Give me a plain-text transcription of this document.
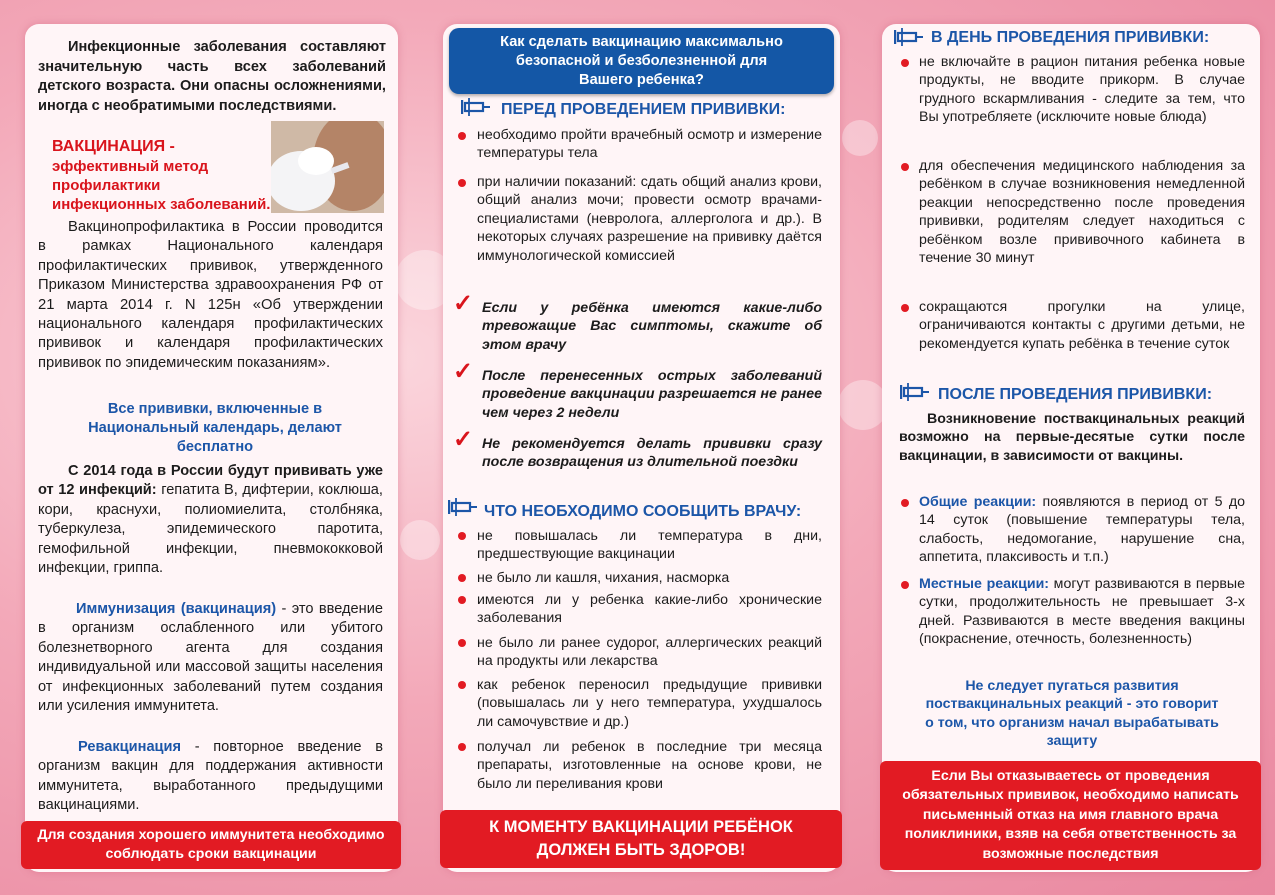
Инфекционные заболевания составляют значительную часть всех заболеваний детского возраста. Они опасны осложнениями, иногда с необратимыми последствиями.
ВАКЦИНАЦИЯ -
эффективный метод профилактики инфекционных заболеваний.
Вакцинопрофилактика в России проводится в рамках Национального календаря профилактических прививок, утвержденного Приказом Министерства здравоохранения РФ от 21 марта 2014 г. N 125н «Об утверждении национального календаря профилактических прививок и календаря профилактических прививок по эпидемическим показаниям».
Все прививки, включенные в Национальный календарь, делают бесплатно
С 2014 года в России будут прививать уже от 12 инфекций: гепатита В, дифтерии, коклюша, кори, краснухи, полиомиелита, столбняка, туберкулеза, эпидемического паротита, гемофильной инфекции, пневмококковой инфекции, гриппа.
Иммунизация (вакцинация) - это введение в организм ослабленного или убитого болезнетворного агента для создания индивидуальной или массовой защиты населения от инфекционных заболеваний путем создания или усиления иммунитета.
Ревакцинация - повторное введение в организм вакцин для поддержания активности иммунитета, выработанного предыдущими вакцинациями.
Для создания хорошего иммунитета необходимо соблюдать сроки вакцинации
Как сделать вакцинацию максимально безопасной и безболезненной для Вашего ребенка?
ПЕРЕД ПРОВЕДЕНИЕМ ПРИВИВКИ:
необходимо пройти врачебный осмотр и измерение температуры тела
при наличии показаний: сдать общий анализ крови, общий анализ мочи; провести осмотр врачами-специалистами (невролога, аллерголога и др.). В некоторых случаях разрешение на прививку даётся иммунологической комиссией
✓ Если у ребёнка имеются какие-либо тревожащие Вас симптомы, скажите об этом врачу
✓ После перенесенных острых заболеваний проведение вакцинации разрешается не ранее чем через 2 недели
✓ Не рекомендуется делать прививки сразу после возвращения из длительной поездки
ЧТО НЕОБХОДИМО СООБЩИТЬ ВРАЧУ:
не повышалась ли температура в дни, предшествующие вакцинации
не было ли кашля, чихания, насморка
имеются ли у ребенка какие-либо хронические заболевания
не было ли ранее судорог, аллергических реакций на продукты или лекарства
как ребенок переносил предыдущие прививки (повышалась ли у него температура, ухудшалось ли самочувствие и др.)
получал ли ребенок в последние три месяца препараты, изготовленные на основе крови, не было ли переливания крови
К МОМЕНТУ ВАКЦИНАЦИИ РЕБЁНОК ДОЛЖЕН БЫТЬ ЗДОРОВ!
В ДЕНЬ ПРОВЕДЕНИЯ ПРИВИВКИ:
не включайте в рацион питания ребенка новые продукты, не вводите прикорм. В случае грудного вскармливания - следите за тем, что Вы употребляете (исключите новые блюда)
для обеспечения медицинского наблюдения за ребёнком в случае возникновения немедленной реакции непосредственно после проведения прививки, родителям следует находиться с ребёнком возле прививочного кабинета в течение 30 минут
сокращаются прогулки на улице, ограничиваются контакты с другими детьми, не рекомендуется купать ребёнка в течение суток
ПОСЛЕ ПРОВЕДЕНИЯ ПРИВИВКИ:
Возникновение поствакцинальных реакций возможно на первые-десятые сутки после вакцинации, в зависимости от вакцины.
Общие реакции: появляются в период от 5 до 14 суток (повышение температуры тела, слабость, недомогание, нарушение сна, аппетита, плаксивость и т.п.)
Местные реакции: могут развиваются в первые сутки, продолжительность не превышает 3-х дней. Развиваются в месте введения вакцины (покраснение, отечность, болезненность)
Не следует пугаться развития поствакцинальных реакций - это говорит о том, что организм начал вырабатывать защиту
Если Вы отказываетесь от проведения обязательных прививок, необходимо написать письменный отказ на имя главного врача поликлиники, взяв на себя ответственность за возможные последствия
